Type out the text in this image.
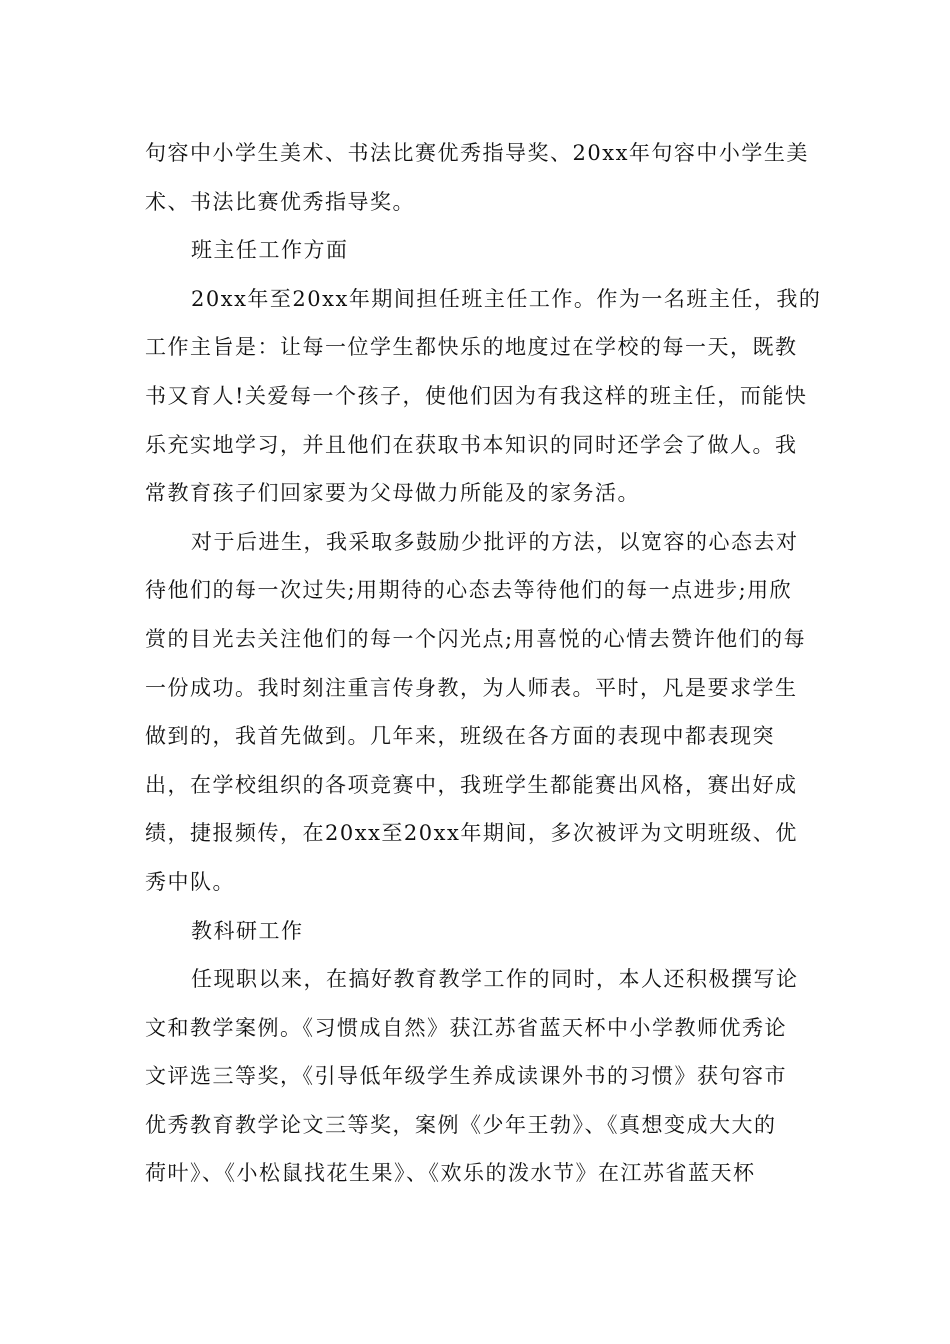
句容中小学生美术、书法比赛优秀指导奖、20xx年句容中小学生美
术、书法比赛优秀指导奖。
班主任工作方面
20xx年至20xx年期间担任班主任工作。作为一名班主任，我的
工作主旨是：让每一位学生都快乐的地度过在学校的每一天，既教
书又育人!关爱每一个孩子，使他们因为有我这样的班主任，而能快
乐充实地学习，并且他们在获取书本知识的同时还学会了做人。我
常教育孩子们回家要为父母做力所能及的家务活。
对于后进生，我采取多鼓励少批评的方法，以宽容的心态去对
待他们的每一次过失;用期待的心态去等待他们的每一点进步;用欣
赏的目光去关注他们的每一个闪光点;用喜悦的心情去赞许他们的每
一份成功。我时刻注重言传身教，为人师表。平时，凡是要求学生
做到的，我首先做到。几年来，班级在各方面的表现中都表现突
出，在学校组织的各项竞赛中，我班学生都能赛出风格，赛出好成
绩，捷报频传，在20xx至20xx年期间，多次被评为文明班级、优
秀中队。
教科研工作
任现职以来，在搞好教育教学工作的同时，本人还积极撰写论
文和教学案例。《习惯成自然》获江苏省蓝天杯中小学教师优秀论
文评选三等奖，《引导低年级学生养成读课外书的习惯》获句容市
优秀教育教学论文三等奖，案例《少年王勃》、《真想变成大大的
荷叶》、《小松鼠找花生果》、《欢乐的泼水节》在江苏省蓝天杯
